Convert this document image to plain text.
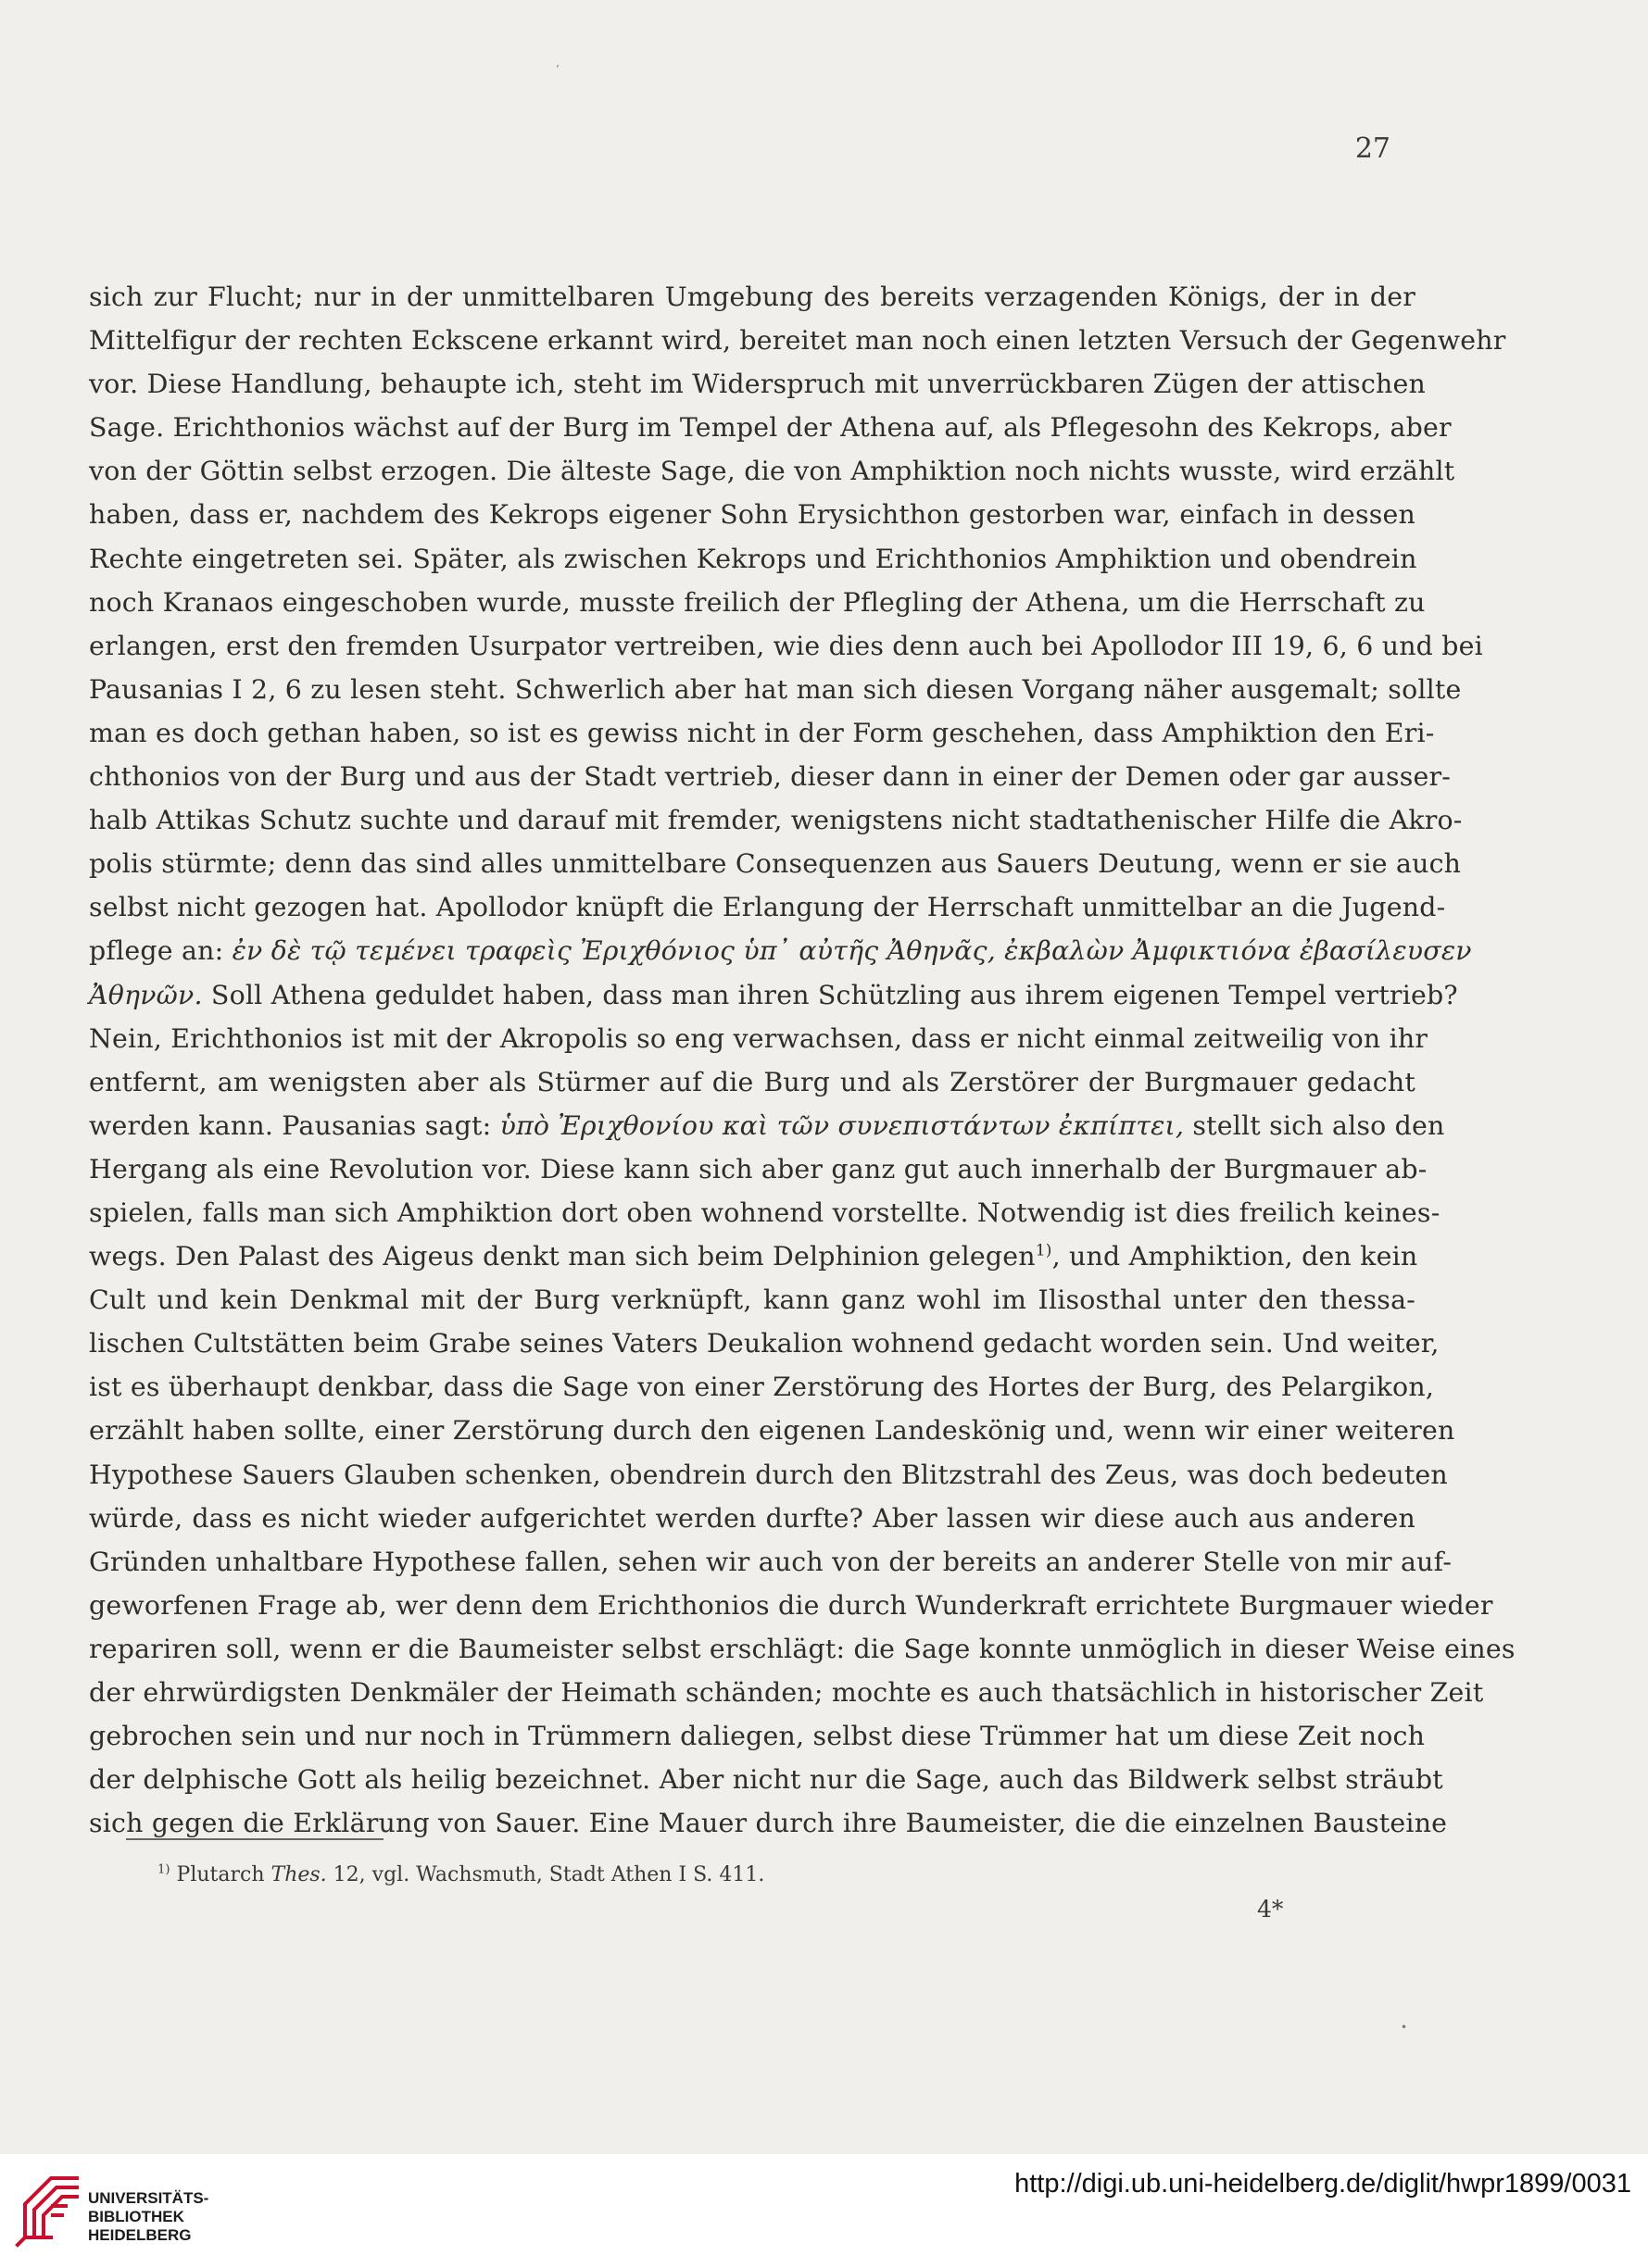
27
sich zur Flucht; nur in der unmittelbaren Umgebung des bereits verzagenden Königs, der in der
Mittelfigur der rechten Eckscene erkannt wird, bereitet man noch einen letzten Versuch der Gegenwehr
vor. Diese Handlung, behaupte ich, steht im Widerspruch mit unverrückbaren Zügen der attischen
Sage. Erichthonios wächst auf der Burg im Tempel der Athena auf, als Pflegesohn des Kekrops, aber
von der Göttin selbst erzogen. Die älteste Sage, die von Amphiktion noch nichts wusste, wird erzählt
haben, dass er, nachdem des Kekrops eigener Sohn Erysichthon gestorben war, einfach in dessen
Rechte eingetreten sei. Später, als zwischen Kekrops und Erichthonios Amphiktion und obendrein
noch Kranaos eingeschoben wurde, musste freilich der Pflegling der Athena, um die Herrschaft zu
erlangen, erst den fremden Usurpator vertreiben, wie dies denn auch bei Apollodor III 19, 6, 6 und bei
Pausanias I 2, 6 zu lesen steht. Schwerlich aber hat man sich diesen Vorgang näher ausgemalt; sollte
man es doch gethan haben, so ist es gewiss nicht in der Form geschehen, dass Amphiktion den Eri-
chthonios von der Burg und aus der Stadt vertrieb, dieser dann in einer der Demen oder gar ausser-
halb Attikas Schutz suchte und darauf mit fremder, wenigstens nicht stadtathenischer Hilfe die Akro-
polis stürmte; denn das sind alles unmittelbare Consequenzen aus Sauers Deutung, wenn er sie auch
selbst nicht gezogen hat. Apollodor knüpft die Erlangung der Herrschaft unmittelbar an die Jugend-
pflege an: ἐν δὲ τῷ τεμένει τραφεὶς Ἐριχθόνιος ὑπ᾽ αὐτῆς Ἀθηνᾶς, ἐκβαλὼν Ἀμφικτιόνα ἐβασίλευσεν
Ἀθηνῶν. Soll Athena geduldet haben, dass man ihren Schützling aus ihrem eigenen Tempel vertrieb?
Nein, Erichthonios ist mit der Akropolis so eng verwachsen, dass er nicht einmal zeitweilig von ihr
entfernt, am wenigsten aber als Stürmer auf die Burg und als Zerstörer der Burgmauer gedacht
werden kann. Pausanias sagt: ὑπὸ Ἐριχθονίου καὶ τῶν συνεπιστάντων ἐκπίπτει, stellt sich also den
Hergang als eine Revolution vor. Diese kann sich aber ganz gut auch innerhalb der Burgmauer ab-
spielen, falls man sich Amphiktion dort oben wohnend vorstellte. Notwendig ist dies freilich keines-
wegs. Den Palast des Aigeus denkt man sich beim Delphinion gelegen$^{1)}$, und Amphiktion, den kein
Cult und kein Denkmal mit der Burg verknüpft, kann ganz wohl im Ilisosthal unter den thessa-
lischen Cultstätten beim Grabe seines Vaters Deukalion wohnend gedacht worden sein. Und weiter,
ist es überhaupt denkbar, dass die Sage von einer Zerstörung des Hortes der Burg, des Pelargikon,
erzählt haben sollte, einer Zerstörung durch den eigenen Landeskönig und, wenn wir einer weiteren
Hypothese Sauers Glauben schenken, obendrein durch den Blitzstrahl des Zeus, was doch bedeuten
würde, dass es nicht wieder aufgerichtet werden durfte? Aber lassen wir diese auch aus anderen
Gründen unhaltbare Hypothese fallen, sehen wir auch von der bereits an anderer Stelle von mir auf-
geworfenen Frage ab, wer denn dem Erichthonios die durch Wunderkraft errichtete Burgmauer wieder
repariren soll, wenn er die Baumeister selbst erschlägt: die Sage konnte unmöglich in dieser Weise eines
der ehrwürdigsten Denkmäler der Heimath schänden; mochte es auch thatsächlich in historischer Zeit
gebrochen sein und nur noch in Trümmern daliegen, selbst diese Trümmer hat um diese Zeit noch
der delphische Gott als heilig bezeichnet. Aber nicht nur die Sage, auch das Bildwerk selbst sträubt
sich gegen die Erklärung von Sauer. Eine Mauer durch ihre Baumeister, die die einzelnen Bausteine
$^{1)}$ Plutarch Thes. 12, vgl. Wachsmuth, Stadt Athen I S. 411.
4*
’
•
UNIVERSITÄTS-
BIBLIOTHEK
HEIDELBERG
http://digi.ub.uni-heidelberg.de/diglit/hwpr1899/0031
